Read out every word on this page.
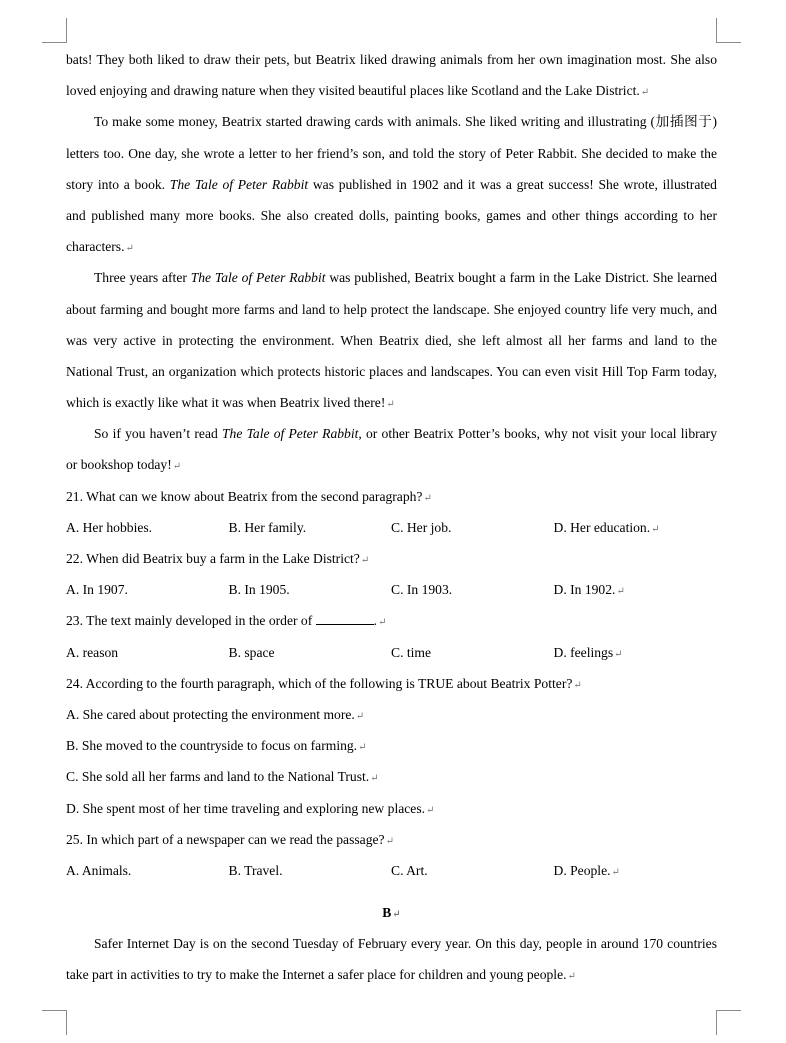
bats! They both liked to draw their pets, but Beatrix liked drawing animals from her own imagination most. She also
loved enjoying and drawing nature when they visited beautiful places like Scotland and the Lake District.↵
To make some money, Beatrix started drawing cards with animals. She liked writing and illustrating (加插图于)
letters too. One day, she wrote a letter to her friend’s son, and told the story of Peter Rabbit. She decided to make the
story into a book. The Tale of Peter Rabbit was published in 1902 and it was a great success! She wrote, illustrated
and published many more books. She also created dolls, painting books, games and other things according to her
characters.↵
Three years after The Tale of Peter Rabbit was published, Beatrix bought a farm in the Lake District. She learned
about farming and bought more farms and land to help protect the landscape. She enjoyed country life very much, and
was very active in protecting the environment. When Beatrix died, she left almost all her farms and land to the
National Trust, an organization which protects historic places and landscapes. You can even visit Hill Top Farm today,
which is exactly like what it was when Beatrix lived there!↵
So if you haven’t read The Tale of Peter Rabbit, or other Beatrix Potter’s books, why not visit your local library
or bookshop today!↵
21. What can we know about Beatrix from the second paragraph?↵
A. Her hobbies.	B. Her family.	C. Her job.	D. Her education.↵
22. When did Beatrix buy a farm in the Lake District?↵
A. In 1907.	B. In 1905.	C. In 1903.	D. In 1902.↵
23. The text mainly developed in the order of	.↵
A. reason	B. space	C. time	D. feelings↵
24. According to the fourth paragraph, which of the following is TRUE about Beatrix Potter?↵
A. She cared about protecting the environment more.↵
B. She moved to the countryside to focus on farming.↵
C. She sold all her farms and land to the National Trust.↵
D. She spent most of her time traveling and exploring new places.↵
25. In which part of a newspaper can we read the passage?↵
A. Animals.	B. Travel.	C. Art.	D. People.↵
B↵
Safer Internet Day is on the second Tuesday of February every year. On this day, people in around 170 countries
take part in activities to try to make the Internet a safer place for children and young people.↵
